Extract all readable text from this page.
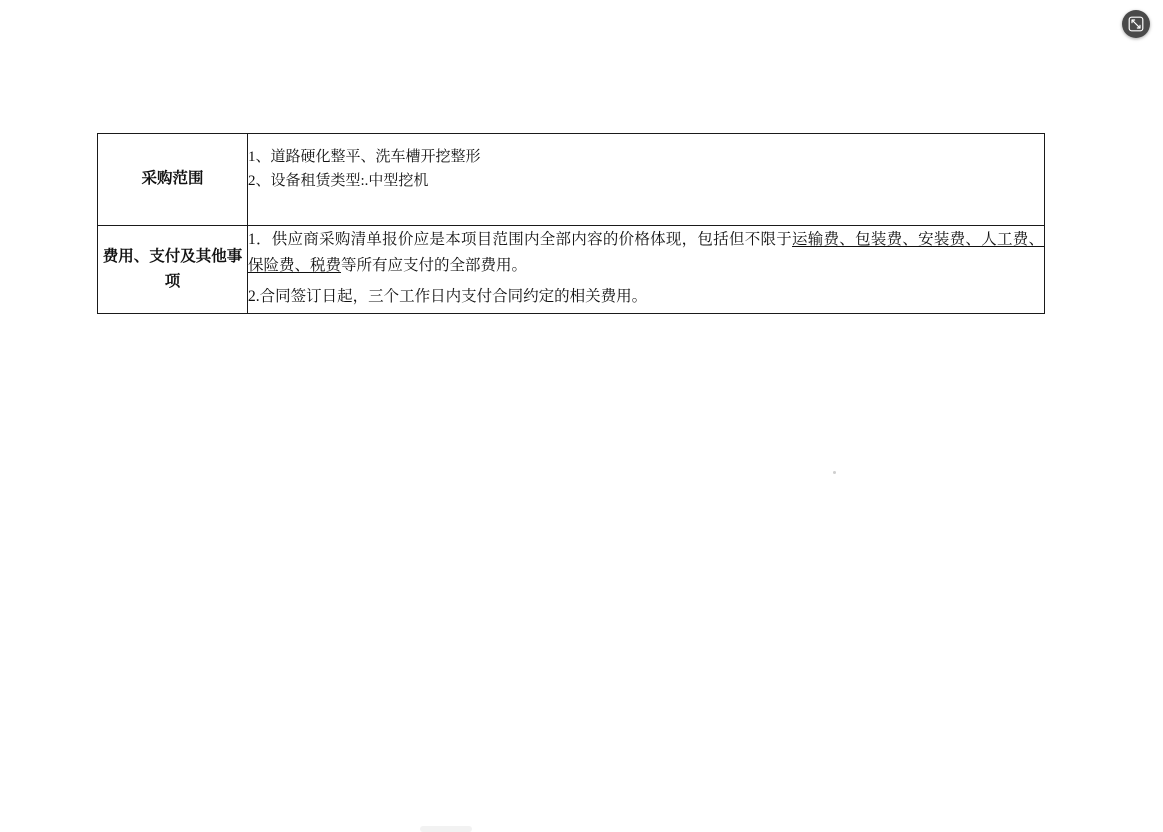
采购范围	1、道路硬化整平、洗车槽开挖整形
2、设备租赁类型:.中型挖机

费用、支付及其他事项	1．供应商采购清单报价应是本项目范围内全部内容的价格体现，包括但不限于运输费、包装费、安装费、人工费、保险费、税费等所有应支付的全部费用。

2.合同签订日起，三个工作日内支付合同约定的相关费用。
